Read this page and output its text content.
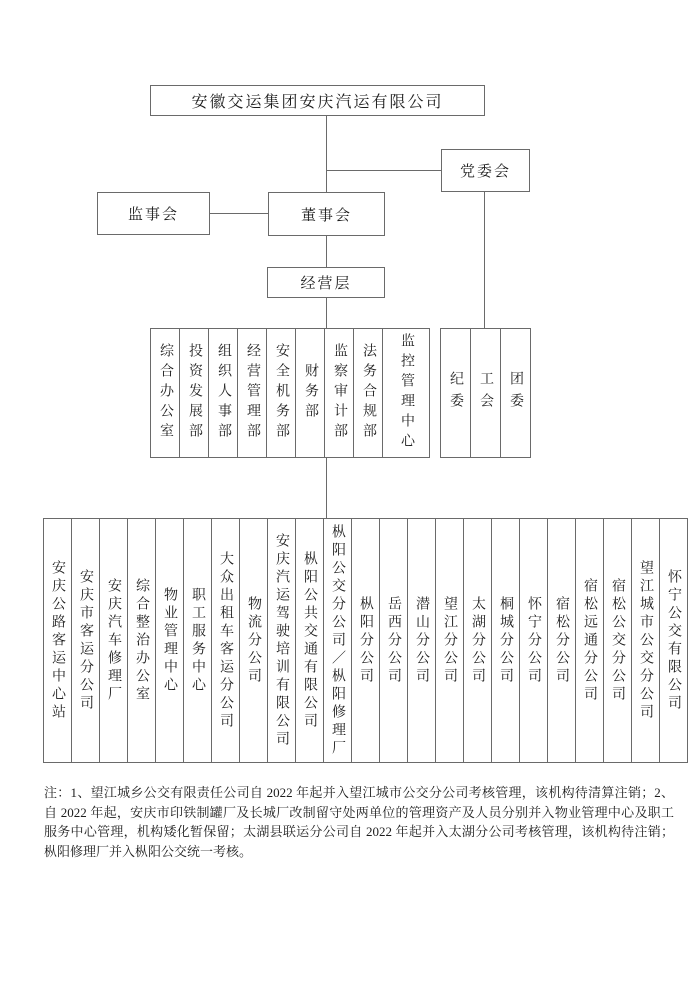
安徽交运集团安庆汽运有限公司
党委会
监事会	董事会
经营层
综合办公室	投资发展部	组织人事部	经营管理部	安全机务部	财务部	监察审计部	法务合规部	监控管理中心	纪委	工会	团委
安庆公路客运中心站 安庆市客运分公司 安庆汽车修理厂 综合整治办公室 物业管理中心 职工服务中心 大众出租车客运分公司 物流分公司 安庆汽运驾驶培训有限公司 枞阳公共交通有限公司 枞阳公交分公司／枞阳修理厂 枞阳分公司 岳西分公司 潜山分公司 望江分公司 太湖分公司 桐城分公司 怀宁分公司 宿松分公司 宿松远通分公司 宿松公交分公司 望江城市公交分公司 怀宁公交有限公司

注：1、望江城乡公交有限责任公司自 2022 年起并入望江城市公交分公司考核管理，该机构待清算注销；2、自 2022 年起，安庆市印铁制罐厂及长城厂改制留守处两单位的管理资产及人员分别并入物业管理中心及职工服务中心管理，机构矮化暂保留；太湖县联运分公司自 2022 年起并入太湖分公司考核管理，该机构待注销；枞阳修理厂并入枞阳公交统一考核。
